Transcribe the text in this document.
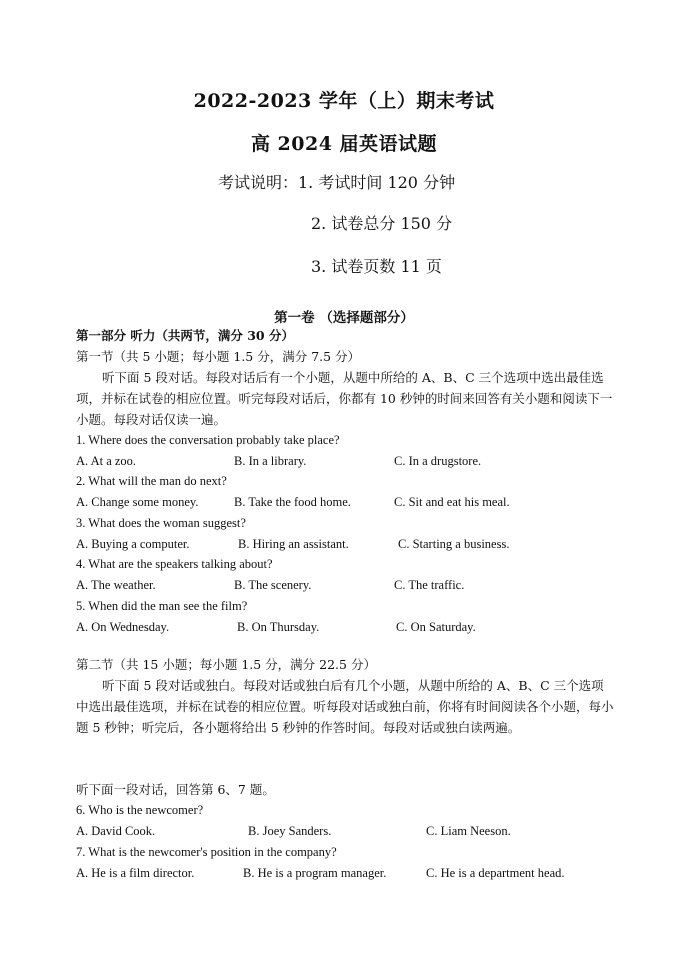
2022-2023 学年（上）期末考试
高 2024 届英语试题
考试说明：1. 考试时间 120 分钟
2. 试卷总分 150 分
3. 试卷页数 11 页
第一卷 （选择题部分）
第一部分 听力（共两节，满分 30 分）
第一节（共 5 小题；每小题 1.5 分，满分 7.5 分）
听下面 5 段对话。每段对话后有一个小题，从题中所给的 A、B、C 三个选项中选出最佳选项，并标在试卷的相应位置。听完每段对话后，你都有 10 秒钟的时间来回答有关小题和阅读下一小题。每段对话仅读一遍。
1. Where does the conversation probably take place?
A. At a zoo.	B. In a library.	C. In a drugstore.
2. What will the man do next?
A. Change some money.	B. Take the food home.	C. Sit and eat his meal.
3. What does the woman suggest?
A. Buying a computer.	B. Hiring an assistant.	C. Starting a business.
4. What are the speakers talking about?
A. The weather.	B. The scenery.	C. The traffic.
5. When did the man see the film?
A. On Wednesday.	B. On Thursday.	C. On Saturday.
第二节（共 15 小题；每小题 1.5 分，满分 22.5 分）
听下面 5 段对话或独白。每段对话或独白后有几个小题，从题中所给的 A、B、C 三个选项中选出最佳选项，并标在试卷的相应位置。听每段对话或独白前，你将有时间阅读各个小题，每小题 5 秒钟；听完后，各小题将给出 5 秒钟的作答时间。每段对话或独白读两遍。
听下面一段对话，回答第 6、7 题。
6. Who is the newcomer?
A. David Cook.	B. Joey Sanders.	C. Liam Neeson.
7. What is the newcomer's position in the company?
A. He is a film director.	B. He is a program manager.	C. He is a department head.
